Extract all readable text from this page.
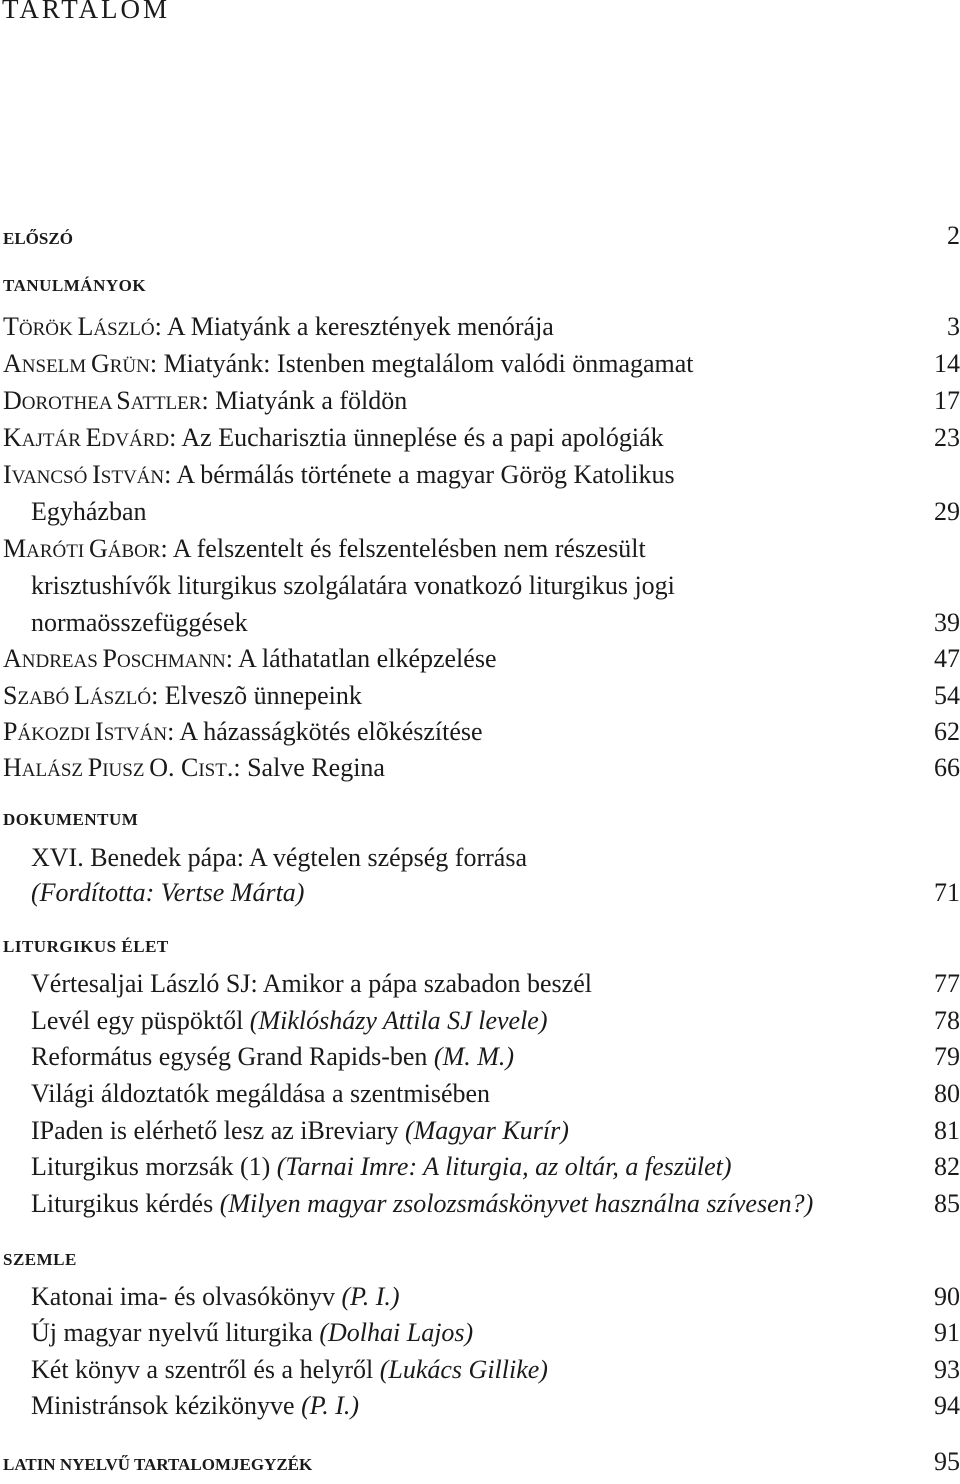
TARTALOM
ELŐSZÓ	2
TANULMÁNYOK
TÖRÖK LÁSZLÓ: A Miatyánk a keresztények menórája	3
ANSELM GRÜN: Miatyánk: Istenben megtalálom valódi önmagamat	14
DOROTHEA SATTLER: Miatyánk a földön	17
KAJTÁR EDVÁRD: Az Eucharisztia ünneplése és a papi apológiák	23
IVANCSÓ ISTVÁN: A bérmálás története a magyar Görög Katolikus
Egyházban	29
MARÓTI GÁBOR: A felszentelt és felszentelésben nem részesült
krisztushívők liturgikus szolgálatára vonatkozó liturgikus jogi
normaösszefüggések	39
ANDREAS POSCHMANN: A láthatatlan elképzelése	47
SZABÓ LÁSZLÓ: Elveszõ ünnepeink	54
PÁKOZDI ISTVÁN: A házasságkötés elõkészítése	62
HALÁSZ PIUSZ O. CIST.: Salve Regina	66
DOKUMENTUM
XVI. Benedek pápa: A végtelen szépség forrása
(Fordította: Vertse Márta)	71
LITURGIKUS ÉLET
Vértesaljai László SJ: Amikor a pápa szabadon beszél	77
Levél egy püspöktől (Miklósházy Attila SJ levele)	78
Református egység Grand Rapids-ben (M. M.)	79
Világi áldoztatók megáldása a szentmisében	80
IPaden is elérhető lesz az iBreviary (Magyar Kurír)	81
Liturgikus morzsák (1) (Tarnai Imre: A liturgia, az oltár, a feszület)	82
Liturgikus kérdés (Milyen magyar zsolozsmáskönyvet használna szívesen?)	85
SZEMLE
Katonai ima- és olvasókönyv (P. I.)	90
Új magyar nyelvű liturgika (Dolhai Lajos)	91
Két könyv a szentről és a helyről (Lukács Gillike)	93
Ministránsok kézikönyve (P. I.)	94
LATIN NYELVŰ TARTALOMJEGYZÉK	95
